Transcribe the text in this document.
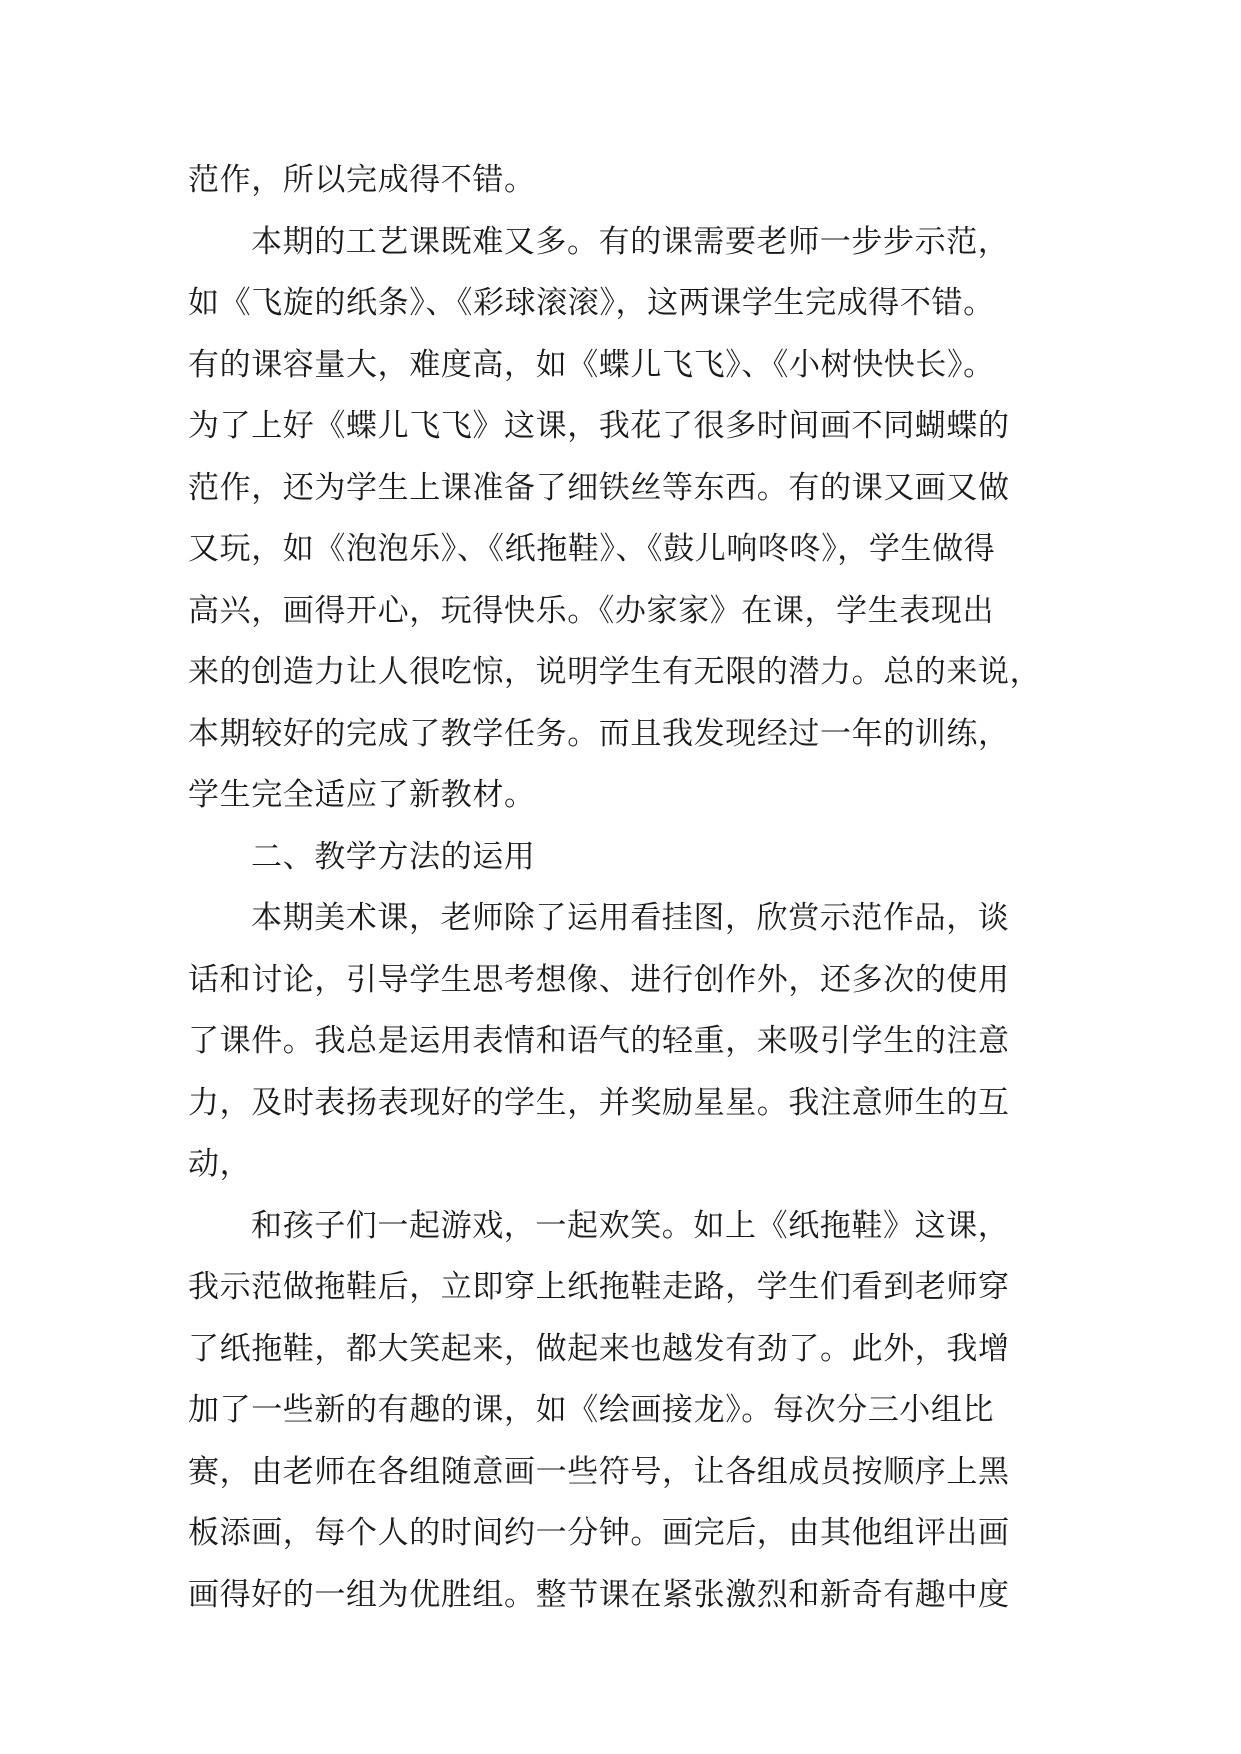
范作，所以完成得不错。
本期的工艺课既难又多。有的课需要老师一步步示范，
如《飞旋的纸条》、《彩球滚滚》，这两课学生完成得不错。
有的课容量大，难度高，如《蝶儿飞飞》、《小树快快长》。
为了上好《蝶儿飞飞》这课，我花了很多时间画不同蝴蝶的
范作，还为学生上课准备了细铁丝等东西。有的课又画又做
又玩，如《泡泡乐》、《纸拖鞋》、《鼓儿响咚咚》，学生做得
高兴，画得开心，玩得快乐。《办家家》在课，学生表现出
来的创造力让人很吃惊，说明学生有无限的潜力。总的来说，
本期较好的完成了教学任务。而且我发现经过一年的训练，
学生完全适应了新教材。
二、教学方法的运用
本期美术课，老师除了运用看挂图，欣赏示范作品，谈
话和讨论，引导学生思考想像、进行创作外，还多次的使用
了课件。我总是运用表情和语气的轻重，来吸引学生的注意
力，及时表扬表现好的学生，并奖励星星。我注意师生的互
动，
和孩子们一起游戏，一起欢笑。如上《纸拖鞋》这课，
我示范做拖鞋后，立即穿上纸拖鞋走路，学生们看到老师穿
了纸拖鞋，都大笑起来，做起来也越发有劲了。此外，我增
加了一些新的有趣的课，如《绘画接龙》。每次分三小组比
赛，由老师在各组随意画一些符号，让各组成员按顺序上黑
板添画，每个人的时间约一分钟。画完后，由其他组评出画
画得好的一组为优胜组。整节课在紧张激烈和新奇有趣中度
